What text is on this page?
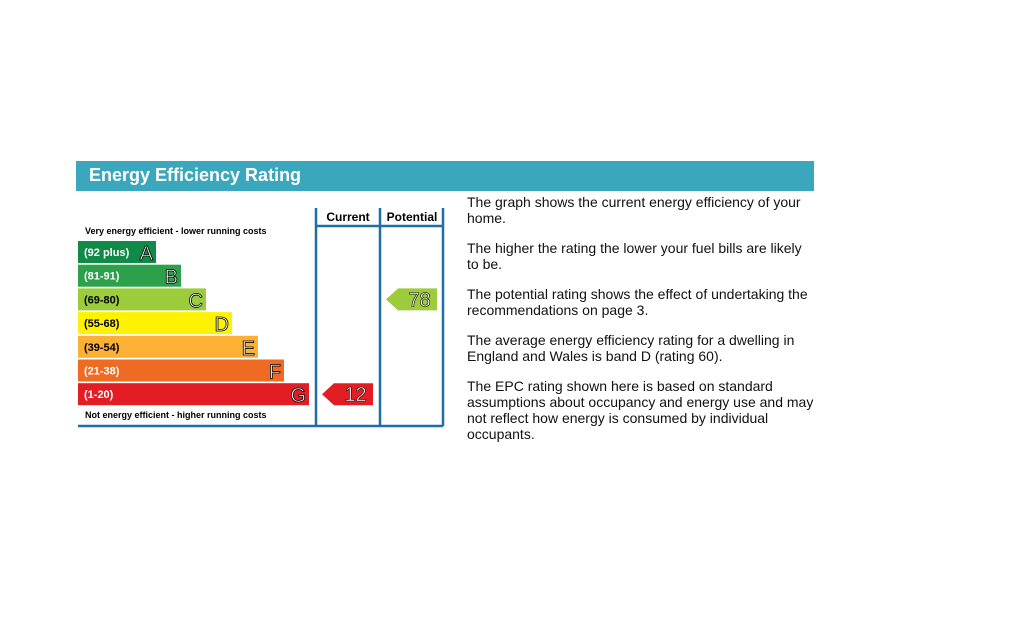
Energy Efficiency Rating
Current Potential
Very energy efficient - lower running costs
Not energy efficient - higher running costs
(92 plus) A
(81-91) B
(69-80)	C
(55-68)	D
(39-54)	E
(21-38)	F
(1-20)	G 12
78

The graph shows the current energy efficiency of your home.

The higher the rating the lower your fuel bills are likely to be.

The potential rating shows the effect of undertaking the recommendations on page 3.

The average energy efficiency rating for a dwelling in England and Wales is band D (rating 60).

The EPC rating shown here is based on standard assumptions about occupancy and energy use and may not reflect how energy is consumed by individual occupants.
